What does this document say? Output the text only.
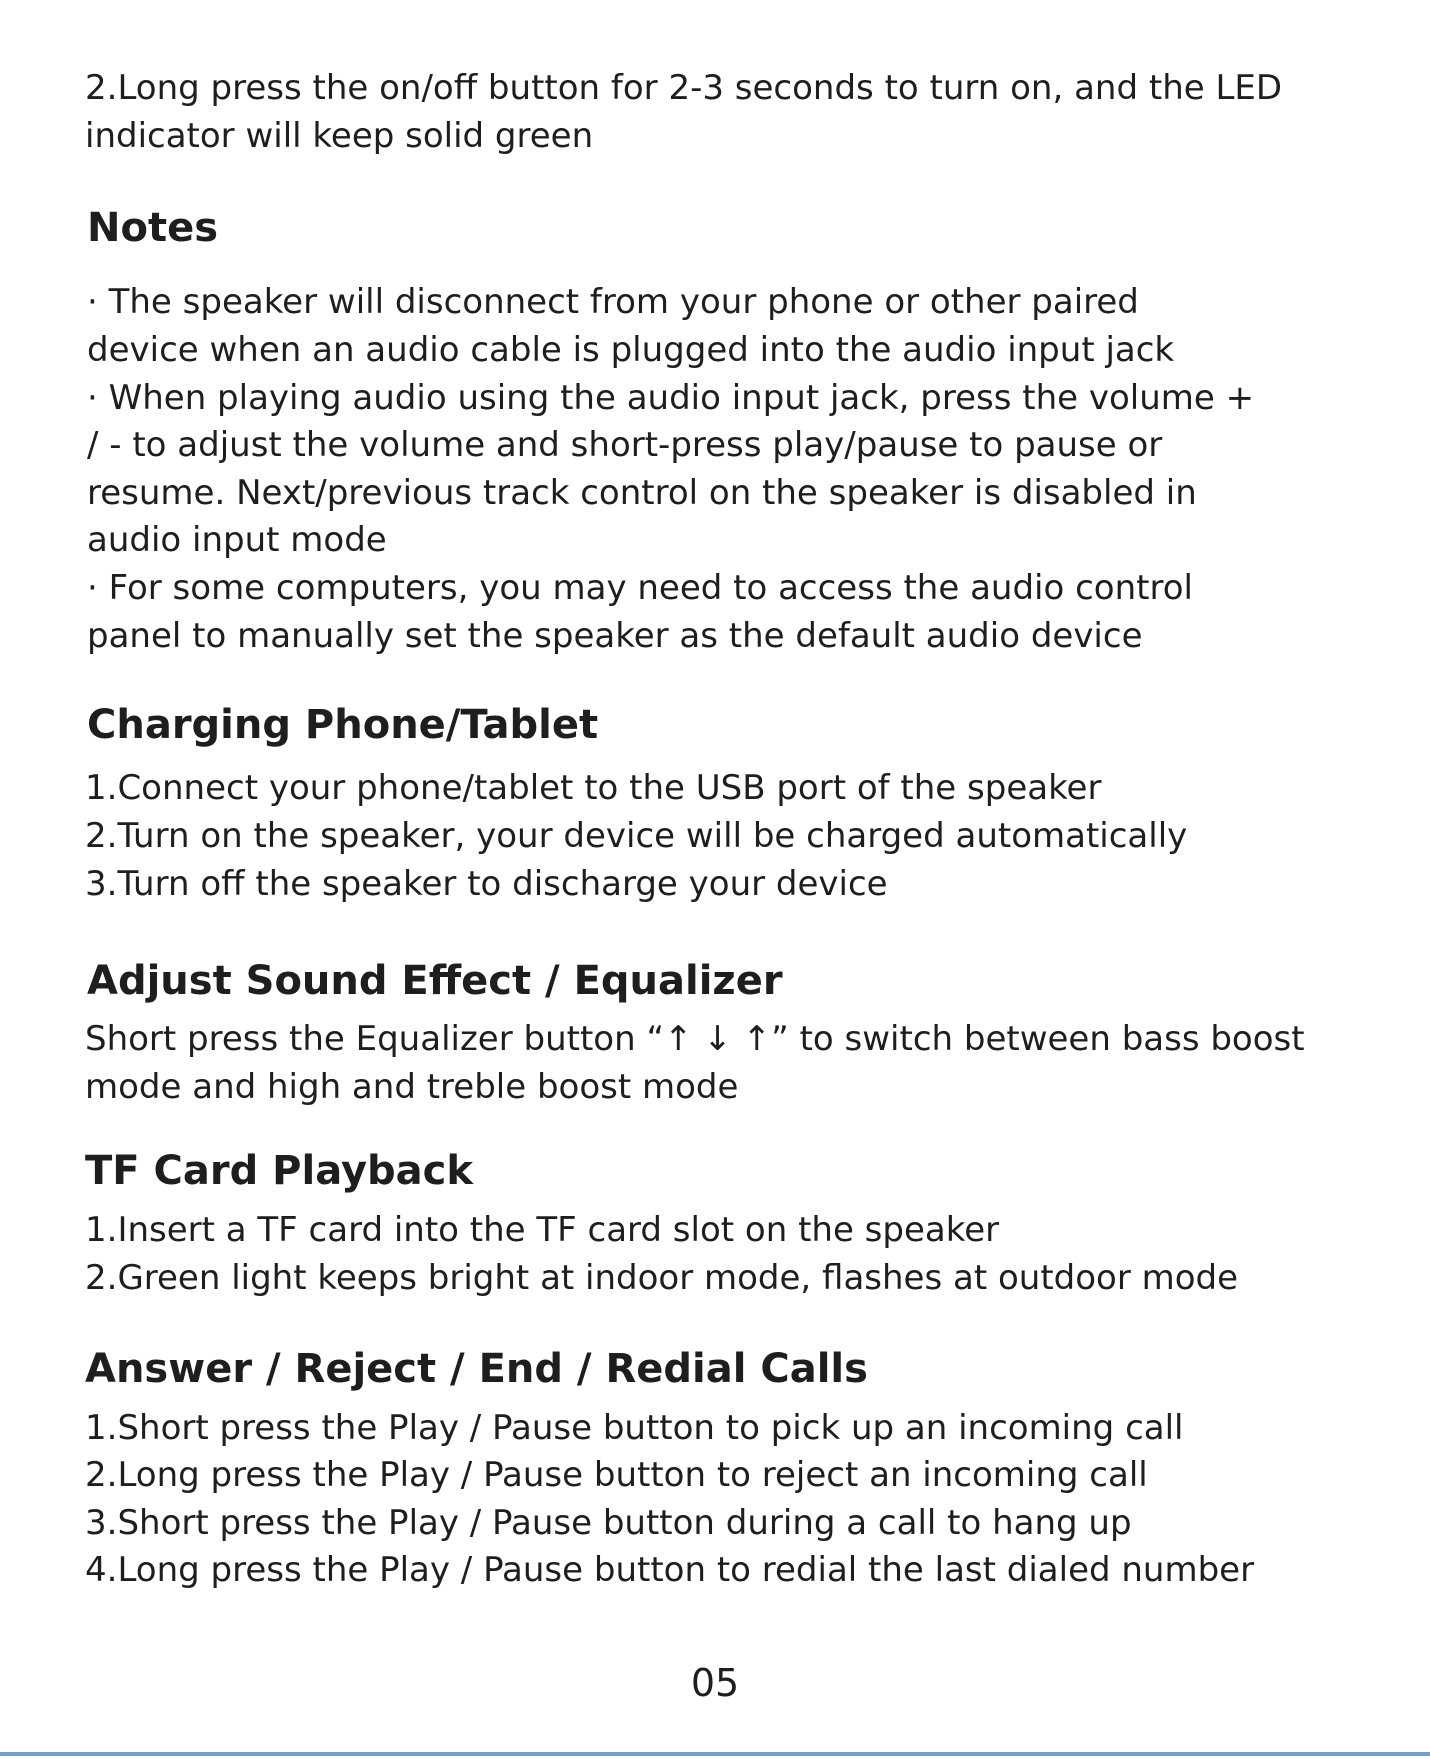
2.Long press the on/off button for 2-3 seconds to turn on, and the LED
indicator will keep solid green
Notes
· The speaker will disconnect from your phone or other paired
device when an audio cable is plugged into the audio input jack
· When playing audio using the audio input jack, press the volume +
/ - to adjust the volume and short-press play/pause to pause or
resume. Next/previous track control on the speaker is disabled in
audio input mode
· For some computers, you may need to access the audio control
panel to manually set the speaker as the default audio device
Charging Phone/Tablet
1.Connect your phone/tablet to the USB port of the speaker
2.Turn on the speaker, your device will be charged automatically
3.Turn off the speaker to discharge your device
Adjust Sound Effect / Equalizer
Short press the Equalizer button “↑ ↓ ↑” to switch between bass boost
mode and high and treble boost mode
TF Card Playback
1.Insert a TF card into the TF card slot on the speaker
2.Green light keeps bright at indoor mode, flashes at outdoor mode
Answer / Reject / End / Redial Calls
1.Short press the Play / Pause button to pick up an incoming call
2.Long press the Play / Pause button to reject an incoming call
3.Short press the Play / Pause button during a call to hang up
4.Long press the Play / Pause button to redial the last dialed number
05
